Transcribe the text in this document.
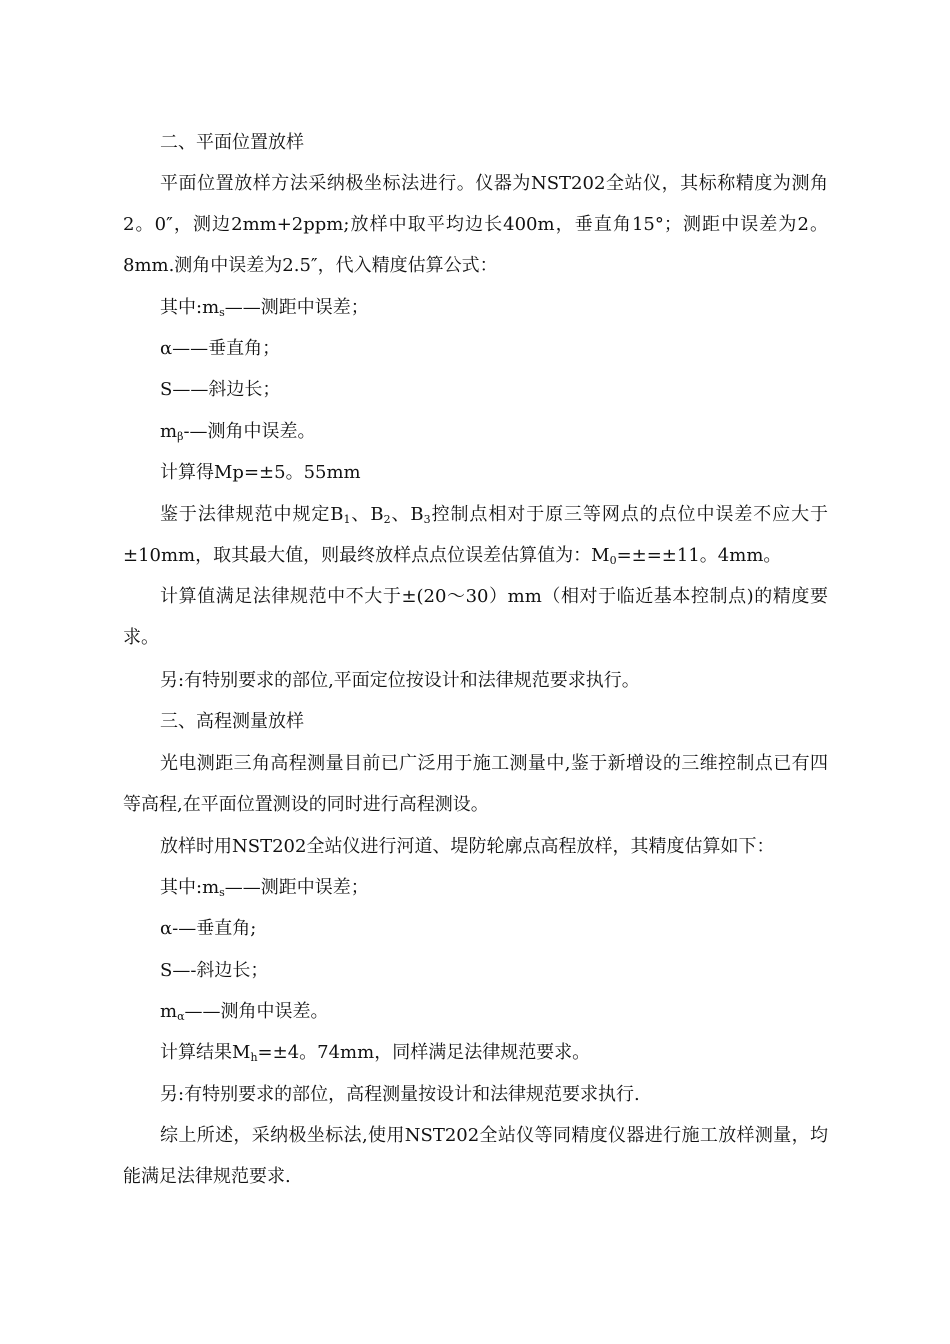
二、平面位置放样

平面位置放样方法采纳极坐标法进行。仪器为NST202全站仪，其标称精度为测角2。0″，测边2mm+2ppm;放样中取平均边长400m，垂直角15°；测距中误差为2。8mm.测角中误差为2.5″，代入精度估算公式：

其中$:m_s——$测距中误差；

α——垂直角；

S——斜边长；

$m_\beta-—$测角中误差。

计算得Mp=±5。55mm

鉴于法律规范中规定$B_1$、$B_2$、$B_3$控制点相对于原三等网点的点位中误差不应大于±10mm，取其最大值，则最终放样点点位误差估算值为：$M_0=\pm=\pm 11$。4mm。

计算值满足法律规范中不大于±(20～30）mm（相对于临近基本控制点)的精度要求。

另:有特别要求的部位,平面定位按设计和法律规范要求执行。

三、高程测量放样

光电测距三角高程测量目前已广泛用于施工测量中,鉴于新增设的三维控制点已有四等高程,在平面位置测设的同时进行高程测设。

放样时用NST202全站仪进行河道、堤防轮廓点高程放样，其精度估算如下：

其中$:m_s——$测距中误差；

α-—垂直角;

S—-斜边长；

$m_\alpha——$测角中误差。

计算结果$M_h=\pm 4$。74mm，同样满足法律规范要求。

另:有特别要求的部位，高程测量按设计和法律规范要求执行.

综上所述，采纳极坐标法,使用NST202全站仪等同精度仪器进行施工放样测量，均能满足法律规范要求.
